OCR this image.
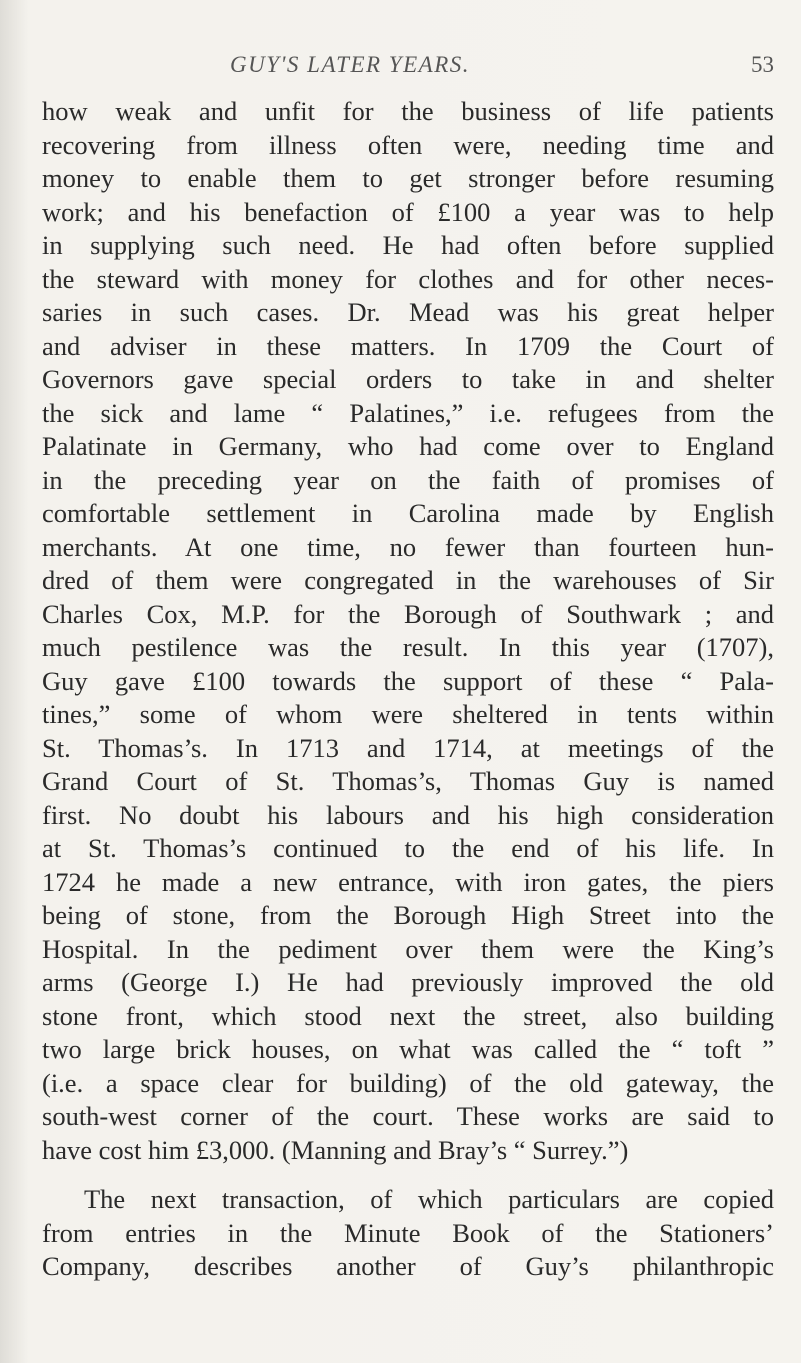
GUY'S LATER YEARS.	53
how weak and unfit for the business of life patients
recovering from illness often were, needing time and
money to enable them to get stronger before resuming
work; and his benefaction of £100 a year was to help
in supplying such need. He had often before supplied
the steward with money for clothes and for other neces-
saries in such cases. Dr. Mead was his great helper
and adviser in these matters. In 1709 the Court of
Governors gave special orders to take in and shelter
the sick and lame “ Palatines,” i.e. refugees from the
Palatinate in Germany, who had come over to England
in the preceding year on the faith of promises of
comfortable settlement in Carolina made by English
merchants. At one time, no fewer than fourteen hun-
dred of them were congregated in the warehouses of Sir
Charles Cox, M.P. for the Borough of Southwark ; and
much pestilence was the result. In this year (1707),
Guy gave £100 towards the support of these “ Pala-
tines,” some of whom were sheltered in tents within
St. Thomas’s. In 1713 and 1714, at meetings of the
Grand Court of St. Thomas’s, Thomas Guy is named
first. No doubt his labours and his high consideration
at St. Thomas’s continued to the end of his life. In
1724 he made a new entrance, with iron gates, the piers
being of stone, from the Borough High Street into the
Hospital. In the pediment over them were the King’s
arms (George I.) He had previously improved the old
stone front, which stood next the street, also building
two large brick houses, on what was called the “ toft ”
(i.e. a space clear for building) of the old gateway, the
south-west corner of the court. These works are said to
have cost him £3,000. (Manning and Bray’s “ Surrey.”)
The next transaction, of which particulars are copied
from entries in the Minute Book of the Stationers’
Company, describes another of Guy’s philanthropic
